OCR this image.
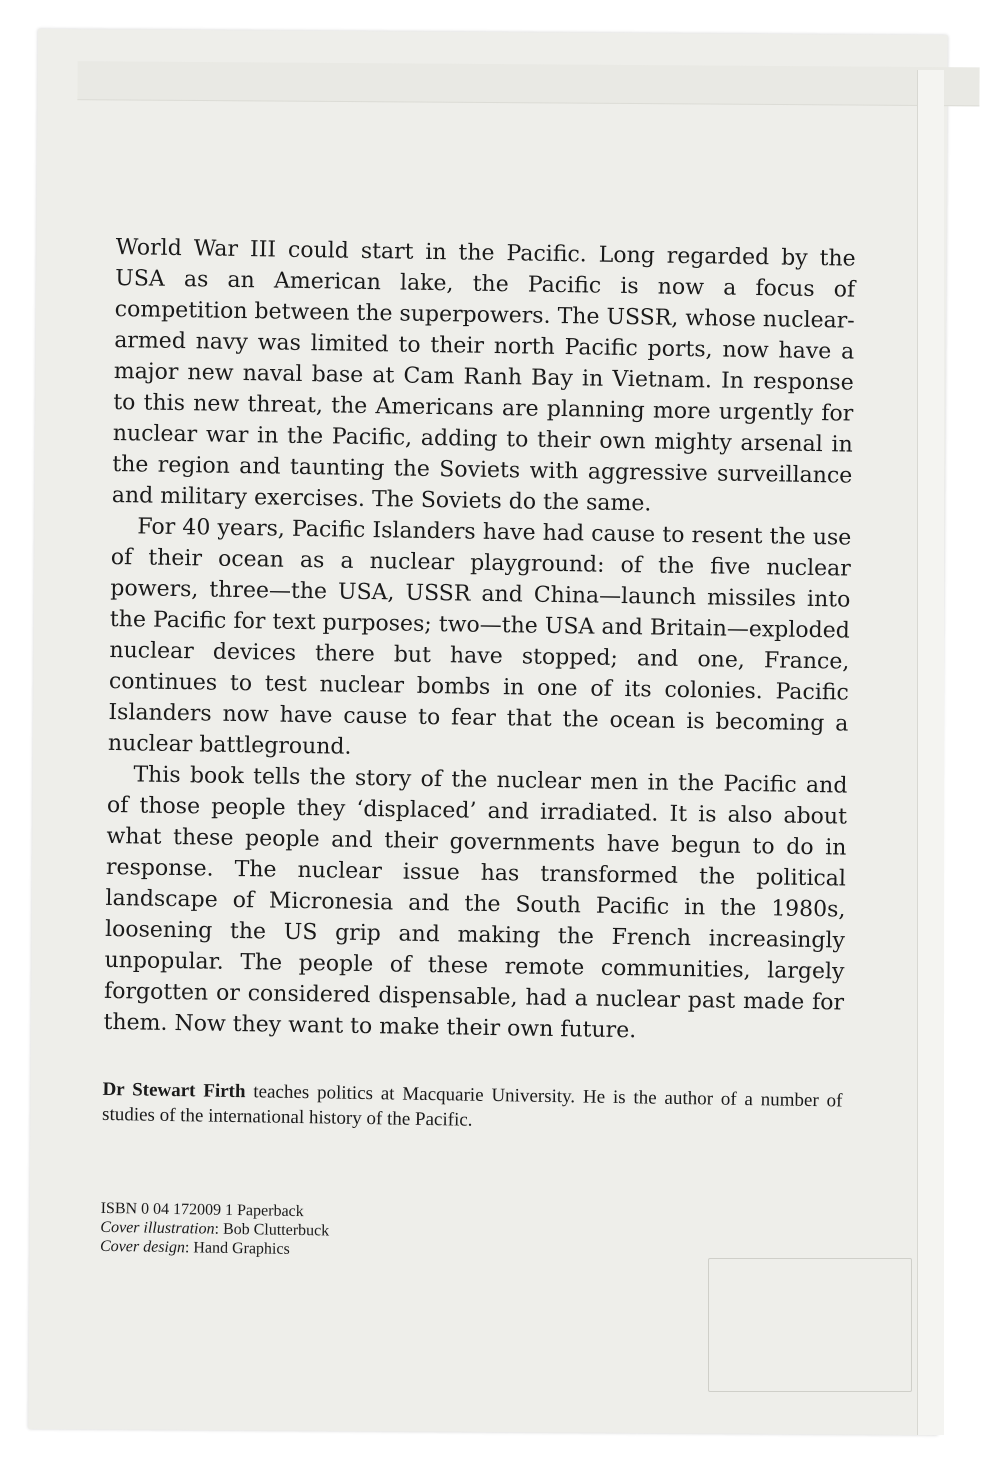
World War III could start in the Pacific. Long regarded by the USA as an American lake, the Pacific is now a focus of competition between the superpowers. The USSR, whose nuclear-armed navy was limited to their north Pacific ports, now have a major new naval base at Cam Ranh Bay in Vietnam. In response to this new threat, the Americans are planning more urgently for nuclear war in the Pacific, adding to their own mighty arsenal in the region and taunting the Soviets with aggressive surveillance and military exercises. The Soviets do the same.

For 40 years, Pacific Islanders have had cause to resent the use of their ocean as a nuclear playground: of the five nuclear powers, three—the USA, USSR and China—launch missiles into the Pacific for text purposes; two—the USA and Britain—exploded nuclear devices there but have stopped; and one, France, continues to test nuclear bombs in one of its colonies. Pacific Islanders now have cause to fear that the ocean is becoming a nuclear battleground.

This book tells the story of the nuclear men in the Pacific and of those people they ‘displaced’ and irradiated. It is also about what these people and their governments have begun to do in response. The nuclear issue has transformed the political landscape of Micronesia and the South Pacific in the 1980s, loosening the US grip and making the French increasingly unpopular. The people of these remote communities, largely forgotten or considered dispensable, had a nuclear past made for them. Now they want to make their own future.

Dr Stewart Firth teaches politics at Macquarie University. He is the author of a number of studies of the international history of the Pacific.
ISBN 0 04 172009 1 Paperback
Cover illustration: Bob Clutterbuck
Cover design: Hand Graphics
